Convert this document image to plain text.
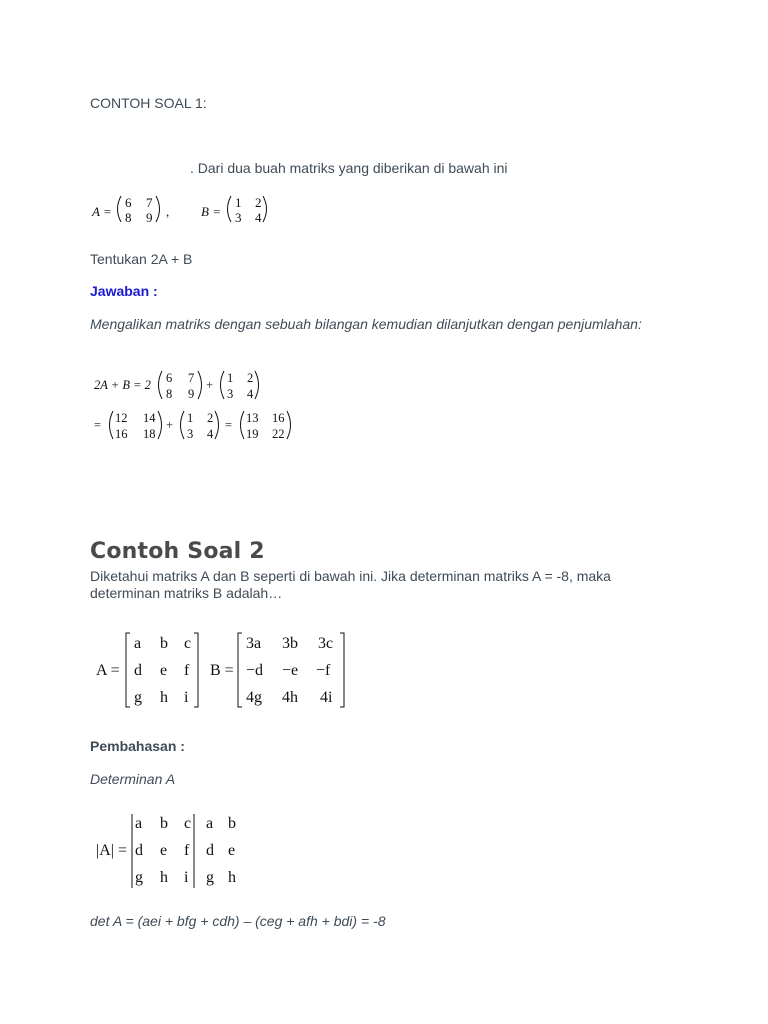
CONTOH SOAL 1:
. Dari dua buah matriks yang diberikan di bawah ini
A =
6 7
8 9 , B =
1 2
3 4
Tentukan 2A + B
Jawaban :
Mengalikan matriks dengan sebuah bilangan kemudian dilanjutkan dengan penjumlahan:
2A + B = 2 6 7
8 9
+ 1 2
3 4
= 12 14
16 18
+ 1 2
3 4
= 13 16
19 22
Contoh Soal 2
Diketahui matriks A dan B seperti di bawah ini. Jika determinan matriks A = -8, maka determinan matriks B adalah…
A =
a b c
d e f
g h i
B =
3a 3b 3c
−d −e −f
4g 4h 4i
Pembahasan :
Determinan A
|A| =
a b c
d e f
g h i
a b
d e
g h
det A = (aei + bfg + cdh) – (ceg + afh + bdi) = -8
